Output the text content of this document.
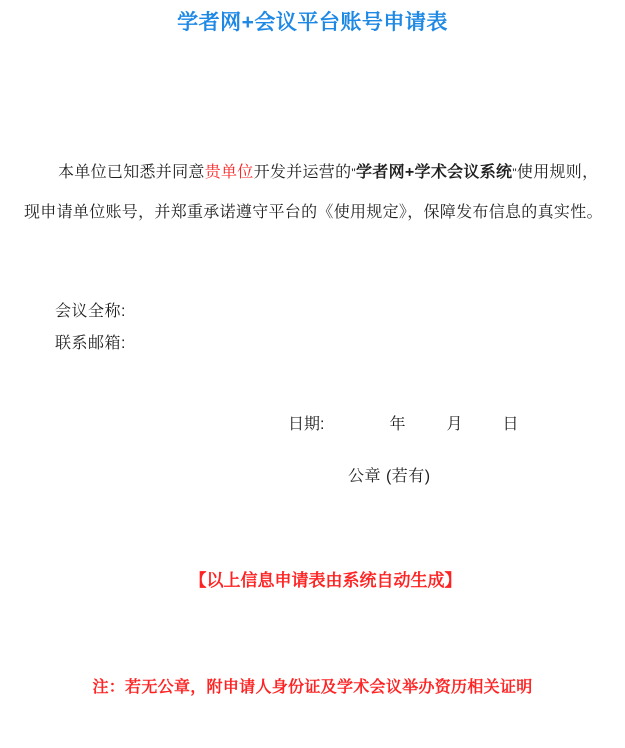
学者网+会议平台账号申请表
本单位已知悉并同意贵单位开发并运营的"学者网+学术会议系统"使用规则，
现申请单位账号，并郑重承诺遵守平台的《使用规定》，保障发布信息的真实性。
会议全称:
联系邮箱:
日期:	年	月	日
公章 (若有)
【以上信息申请表由系统自动生成】
注：若无公章，附申请人身份证及学术会议举办资历相关证明
